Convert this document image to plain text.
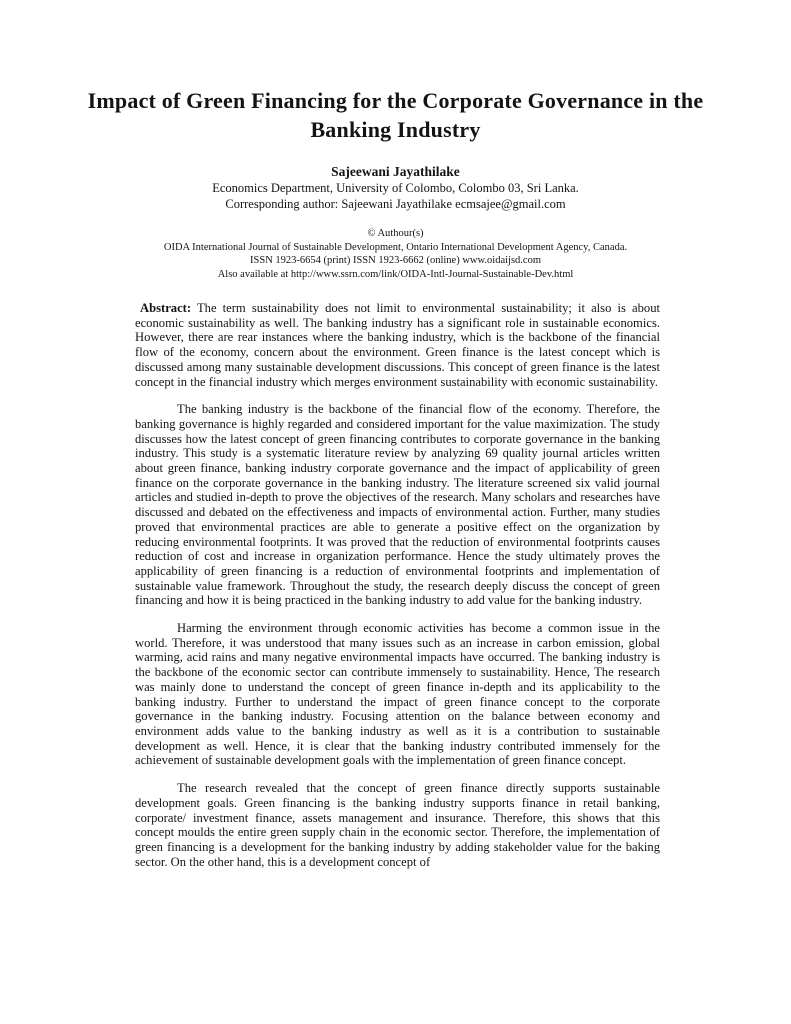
Impact of Green Financing for the Corporate Governance in the Banking Industry
Sajeewani Jayathilake
Economics Department, University of Colombo, Colombo 03, Sri Lanka.
Corresponding author: Sajeewani Jayathilake ecmsajee@gmail.com
© Authour(s)
OIDA International Journal of Sustainable Development, Ontario International Development Agency, Canada.
ISSN 1923-6654 (print) ISSN 1923-6662 (online) www.oidaijsd.com
Also available at http://www.ssrn.com/link/OIDA-Intl-Journal-Sustainable-Dev.html

Abstract: The term sustainability does not limit to environmental sustainability; it also is about economic sustainability as well. The banking industry has a significant role in sustainable economics. However, there are rear instances where the banking industry, which is the backbone of the financial flow of the economy, concern about the environment. Green finance is the latest concept which is discussed among many sustainable development discussions. This concept of green finance is the latest concept in the financial industry which merges environment sustainability with economic sustainability.

The banking industry is the backbone of the financial flow of the economy. Therefore, the banking governance is highly regarded and considered important for the value maximization. The study discusses how the latest concept of green financing contributes to corporate governance in the banking industry. This study is a systematic literature review by analyzing 69 quality journal articles written about green finance, banking industry corporate governance and the impact of applicability of green finance on the corporate governance in the banking industry. The literature screened six valid journal articles and studied in-depth to prove the objectives of the research. Many scholars and researches have discussed and debated on the effectiveness and impacts of environmental action. Further, many studies proved that environmental practices are able to generate a positive effect on the organization by reducing environmental footprints. It was proved that the reduction of environmental footprints causes reduction of cost and increase in organization performance. Hence the study ultimately proves the applicability of green financing is a reduction of environmental footprints and implementation of sustainable value framework. Throughout the study, the research deeply discuss the concept of green financing and how it is being practiced in the banking industry to add value for the banking industry.

Harming the environment through economic activities has become a common issue in the world. Therefore, it was understood that many issues such as an increase in carbon emission, global warming, acid rains and many negative environmental impacts have occurred. The banking industry is the backbone of the economic sector can contribute immensely to sustainability. Hence, The research was mainly done to understand the concept of green finance in-depth and its applicability to the banking industry. Further to understand the impact of green finance concept to the corporate governance in the banking industry. Focusing attention on the balance between economy and environment adds value to the banking industry as well as it is a contribution to sustainable development as well. Hence, it is clear that the banking industry contributed immensely for the achievement of sustainable development goals with the implementation of green finance concept.

The research revealed that the concept of green finance directly supports sustainable development goals. Green financing is the banking industry supports finance in retail banking, corporate/ investment finance, assets management and insurance. Therefore, this shows that this concept moulds the entire green supply chain in the economic sector. Therefore, the implementation of green financing is a development for the banking industry by adding stakeholder value for the baking sector. On the other hand, this is a development concept of
